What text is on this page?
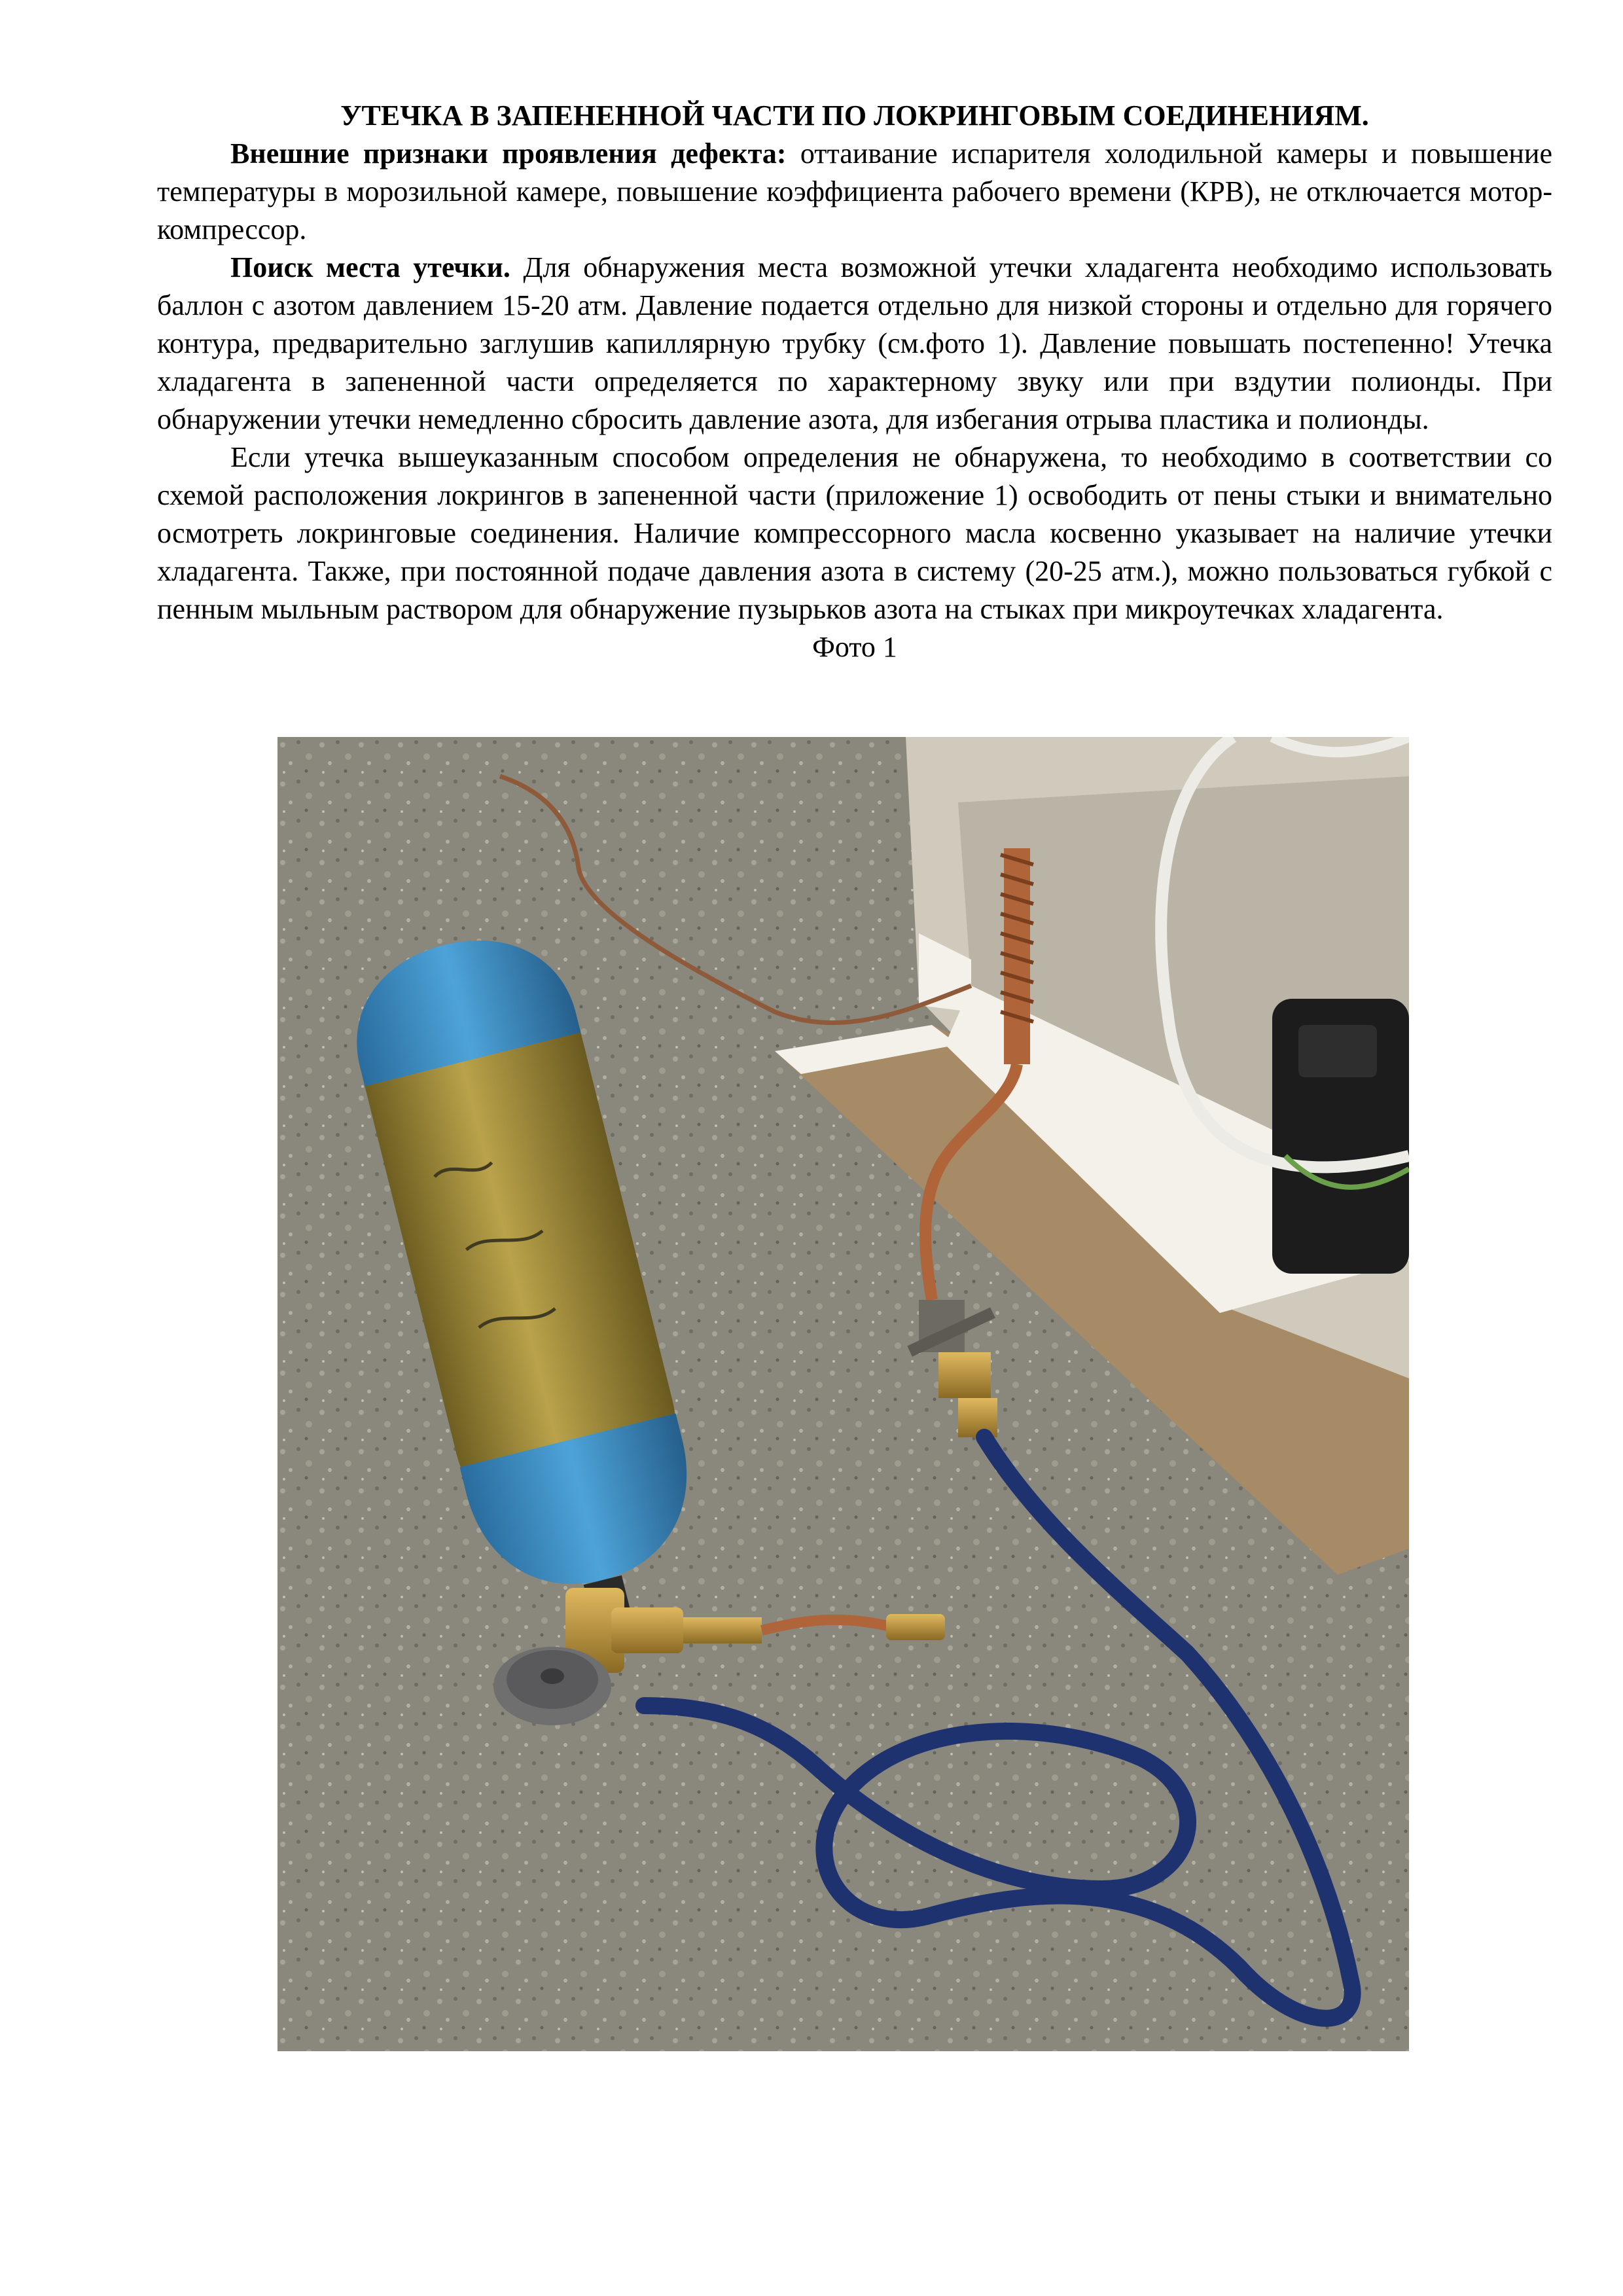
УТЕЧКА В ЗАПЕНЕННОЙ ЧАСТИ ПО ЛОКРИНГОВЫМ СОЕДИНЕНИЯМ.

Внешние признаки проявления дефекта: оттаивание испарителя холодильной камеры и повышение температуры в морозильной камере, повышение коэффициента рабочего времени (КРВ), не отключается мотор-компрессор.

Поиск места утечки. Для обнаружения места возможной утечки хладагента необходимо использовать баллон с азотом давлением 15-20 атм. Давление подается отдельно для низкой стороны и отдельно для горячего контура, предварительно заглушив капиллярную трубку (см.фото 1). Давление повышать постепенно! Утечка хладагента в запененной части определяется по характерному звуку или при вздутии полионды. При обнаружении утечки немедленно сбросить давление азота, для избегания отрыва пластика и полионды.

Если утечка вышеуказанным способом определения не обнаружена, то необходимо в соответствии со схемой расположения локрингов в запененной части (приложение 1) освободить от пены стыки и внимательно осмотреть локринговые соединения. Наличие компрессорного масла косвенно указывает на наличие утечки хладагента. Также, при постоянной подаче давления азота в систему (20-25 атм.), можно пользоваться губкой с пенным мыльным раствором для обнаружение пузырьков азота на стыках при микроутечках хладагента.

Фото 1
